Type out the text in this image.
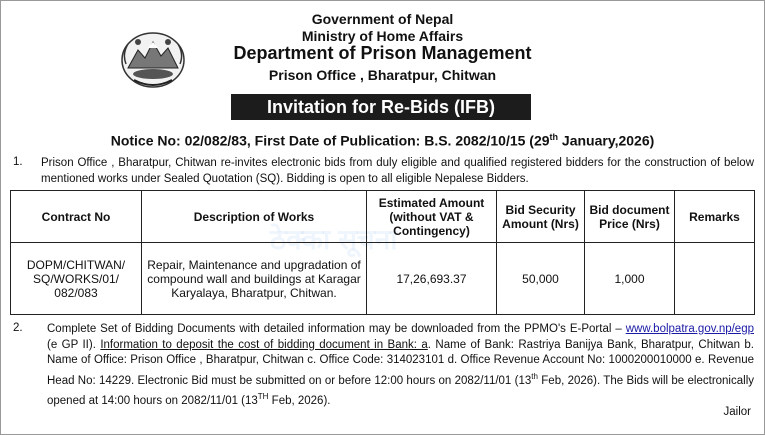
Government of Nepal
Ministry of Home Affairs
Department of Prison Management
Prison Office , Bharatpur, Chitwan
Invitation for Re-Bids (IFB)
Notice No: 02/082/83, First Date of Publication: B.S. 2082/10/15 (29th January,2026)
1. Prison Office , Bharatpur, Chitwan re-invites electronic bids from duly eligible and qualified registered bidders for the construction of below mentioned works under Sealed Quotation (SQ). Bidding is open to all eligible Nepalese Bidders.
ठेक्का सूचना
Contract No	Description of Works	Estimated Amount (without VAT & Contingency)	Bid Security Amount (Nrs)	Bid document Price (Nrs)	Remarks
DOPM/CHITWAN/ SQ/WORKS/01/ 082/083	Repair, Maintenance and upgradation of compound wall and buildings at Karagar Karyalaya, Bharatpur, Chitwan.	17,26,693.37	50,000	1,000	
2. Complete Set of Bidding Documents with detailed information may be downloaded from the PPMO's E-Portal – www.bolpatra.gov.np/egp (e GP II). Information to deposit the cost of bidding document in Bank: a. Name of Bank: Rastriya Banijya Bank, Bharatpur, Chitwan b. Name of Office: Prison Office , Bharatpur, Chitwan c. Office Code: 314023101 d. Office Revenue Account No: 1000200010000 e. Revenue Head No: 14229. Electronic Bid must be submitted on or before 12:00 hours on 2082/11/01 (13th Feb, 2026). The Bids will be electronically opened at 14:00 hours on 2082/11/01 (13TH Feb, 2026).
Jailor
